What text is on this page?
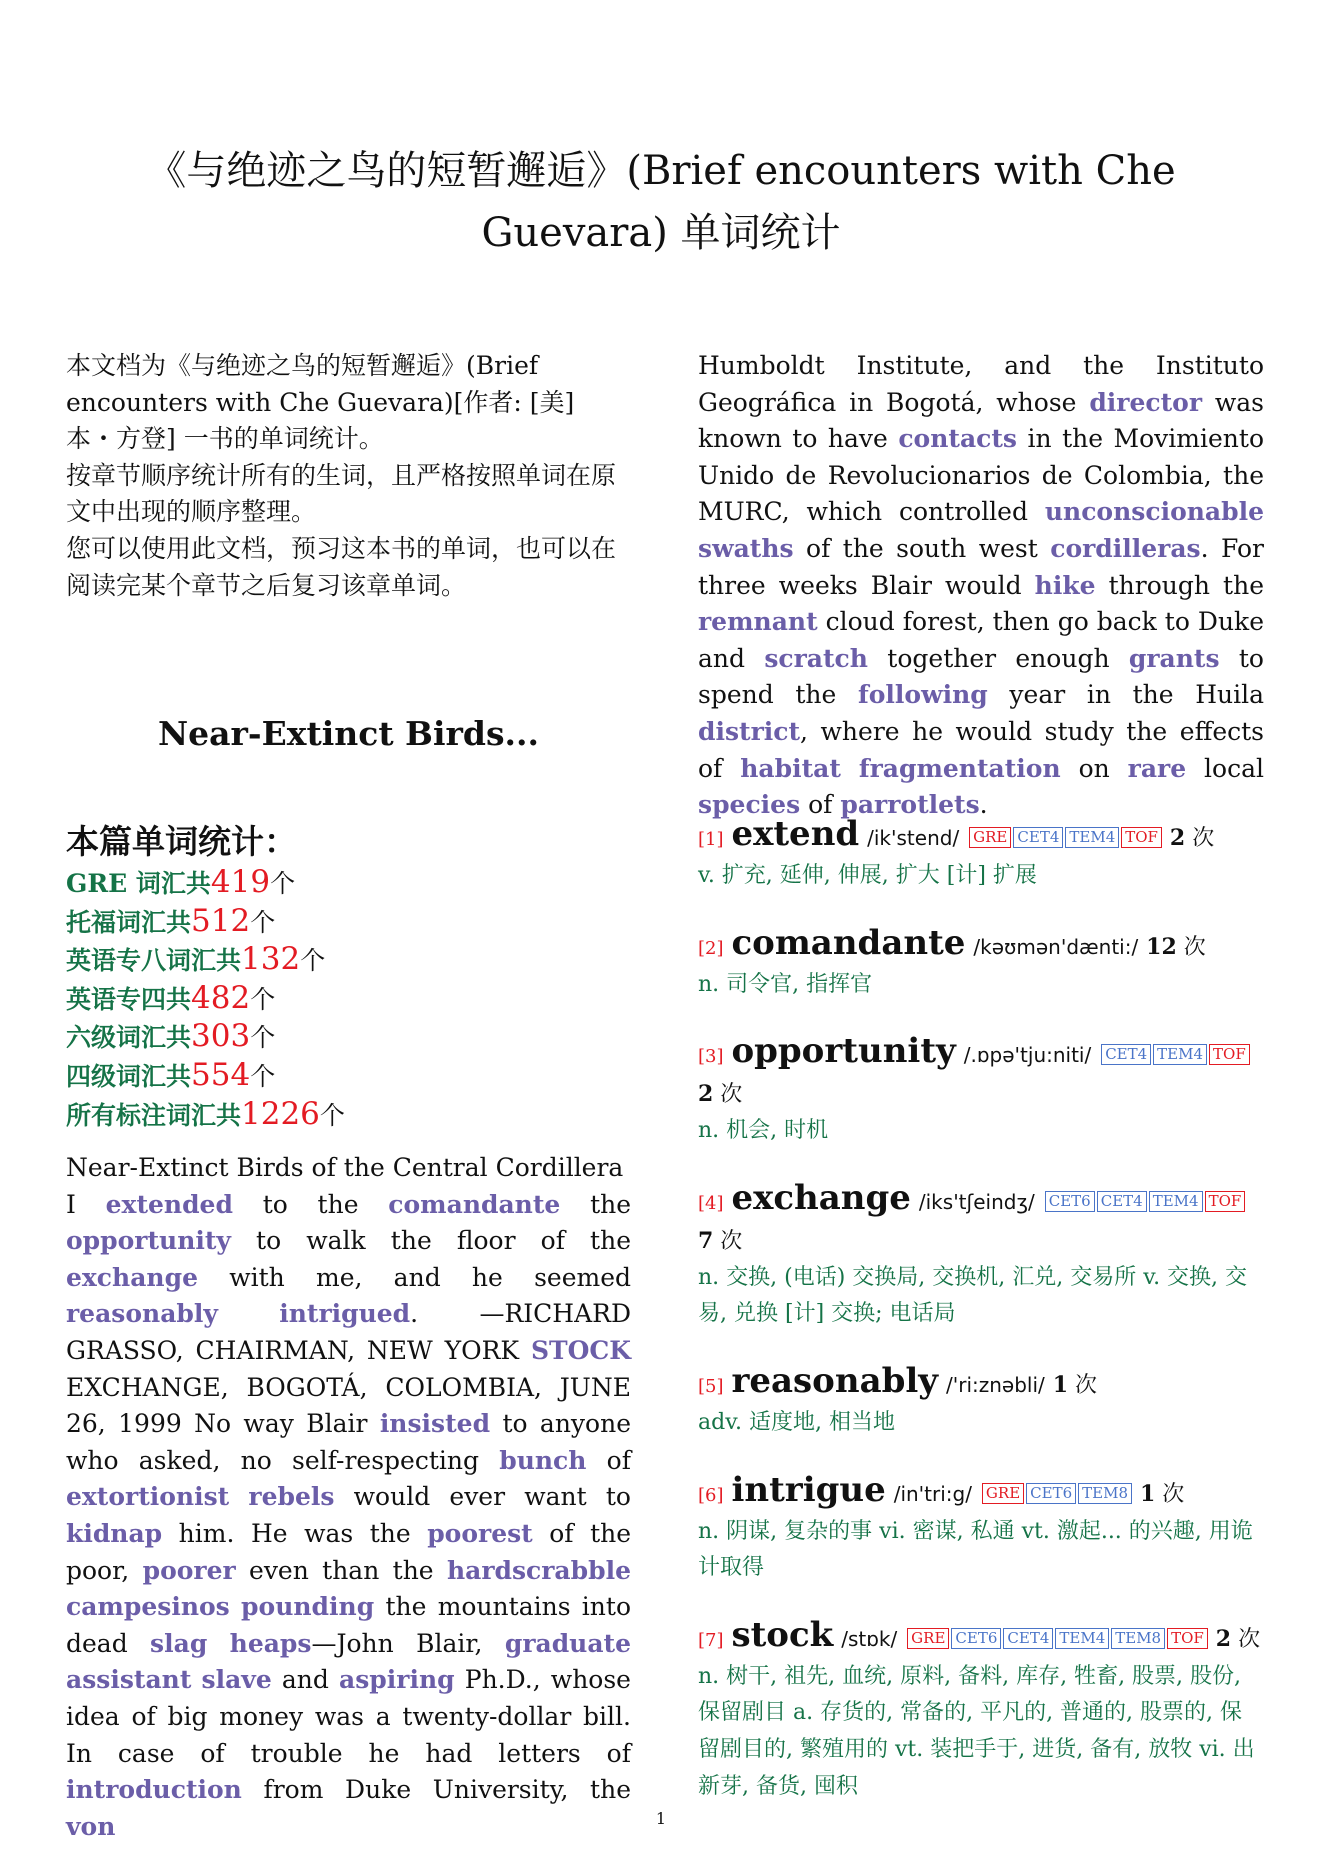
《与绝迹之鸟的短暂邂逅》(Brief encounters with Che Guevara) 单词统计

本文档为《与绝迹之鸟的短暂邂逅》(Brief encounters with Che Guevara)[作者: [美] 本・方登] 一书的单词统计。

按章节顺序统计所有的生词，且严格按照单词在原文中出现的顺序整理。

您可以使用此文档，预习这本书的单词，也可以在阅读完某个章节之后复习该章单词。

Near-Extinct Birds...

本篇单词统计：

GRE 词汇共419个
托福词汇共512个
英语专八词汇共132个
英语专四共482个
六级词汇共303个
四级词汇共554个
所有标注词汇共1226个

Near-Extinct Birds of the Central Cordillera
I extended to the comandante the opportunity to walk the floor of the exchange with me, and he seemed reasonably intrigued. —RICHARD GRASSO, CHAIRMAN, NEW YORK STOCK EXCHANGE, BOGOTÁ, COLOMBIA, JUNE 26, 1999 No way Blair insisted to anyone who asked, no self-respecting bunch of extortionist rebels would ever want to kidnap him. He was the poorest of the poor, poorer even than the hardscrabble campesinos pounding the mountains into dead slag heaps—John Blair, graduate assistant slave and aspiring Ph.D., whose idea of big money was a twenty-dollar bill. In case of trouble he had letters of introduction from Duke University, the von

Humboldt Institute, and the Instituto Geográfica in Bogotá, whose director was known to have contacts in the Movimiento Unido de Revolucionarios de Colombia, the MURC, which controlled unconscionable swaths of the south west cordilleras. For three weeks Blair would hike through the remnant cloud forest, then go back to Duke and scratch together enough grants to spend the following year in the Huila district, where he would study the effects of habitat fragmentation on rare local species of parrotlets.

[1] extend /ik'stend/ GRE CET4 TEM4 TOF 2 次
v. 扩充, 延伸, 伸展, 扩大 [计] 扩展
[2] comandante /kəʊmən'dænti:/ 12 次
n. 司令官, 指挥官
[3] opportunity /.ɒpə'tju:niti/ CET4 TEM4 TOF 2 次
n. 机会, 时机
[4] exchange /iks'tʃeindʒ/ CET6 CET4 TEM4 TOF 7 次
n. 交换, (电话) 交换局, 交换机, 汇兑, 交易所 v. 交换, 交易, 兑换 [计] 交换; 电话局
[5] reasonably /'ri:znəbli/ 1 次
adv. 适度地, 相当地
[6] intrigue /in'tri:g/ GRE CET6 TEM8 1 次
n. 阴谋, 复杂的事 vi. 密谋, 私通 vt. 激起... 的兴趣, 用诡计取得
[7] stock /stɒk/ GRE CET6 CET4 TEM4 TEM8 TOF 2 次
n. 树干, 祖先, 血统, 原料, 备料, 库存, 牲畜, 股票, 股份, 保留剧目 a. 存货的, 常备的, 平凡的, 普通的, 股票的, 保留剧目的, 繁殖用的 vt. 装把手于, 进货, 备有, 放牧 vi. 出新芽, 备货, 囤积
1
